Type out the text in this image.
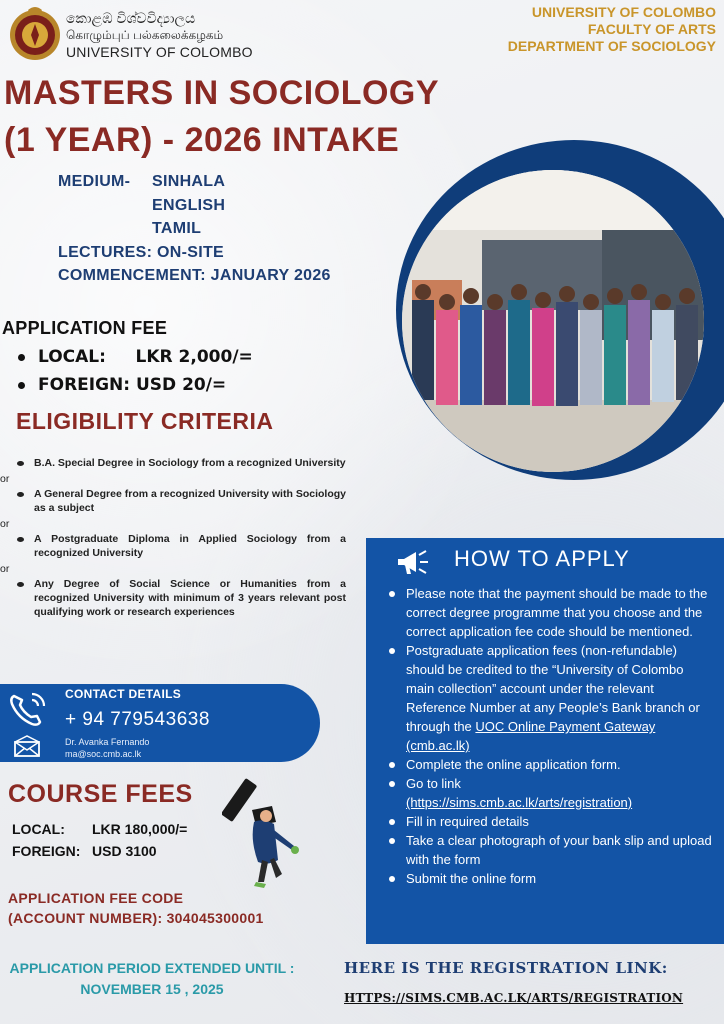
කොළඹ විශ්වවිද්‍යාලය
கொழும்புப் பல்கலைக்கழகம்
UNIVERSITY OF COLOMBO
UNIVERSITY OF COLOMBO
FACULTY OF ARTS
DEPARTMENT OF SOCIOLOGY
MASTERS IN SOCIOLOGY
(1 YEAR) - 2026 INTAKE
MEDIUM-	SINHALA
ENGLISH
TAMIL
LECTURES: ON-SITE
COMMENCEMENT: JANUARY 2026
APPLICATION FEE
LOCAL:     LKR 2,000/=
FOREIGN: USD 20/=
ELIGIBILITY CRITERIA
B.A. Special Degree in Sociology from a recognized University
or
A General Degree from a recognized University with Sociology as a subject
or
A Postgraduate Diploma in Applied Sociology from a recognized University
or
Any Degree of Social Science or Humanities from a recognized University with minimum of 3 years relevant post qualifying work or research experiences
CONTACT DETAILS
+ 94 779543638
Dr. Avanka Fernando
ma@soc.cmb.ac.lk
COURSE FEES
LOCAL: LKR 180,000/=
FOREIGN: USD 3100
APPLICATION FEE CODE
(ACCOUNT NUMBER): 304045300001
APPLICATION PERIOD EXTENDED UNTIL :
NOVEMBER 15 , 2025
HOW TO APPLY
Please note that the payment should be made to the correct degree programme that you choose and the correct application fee code should be mentioned.
Postgraduate application fees (non-refundable) should be credited to the “University of Colombo main collection” account under the relevant Reference Number at any People’s Bank branch or through the UOC Online Payment Gateway (cmb.ac.lk)
Complete the online application form.
Go to link
(https://sims.cmb.ac.lk/arts/registration)
Fill in required details
Take a clear photograph of your bank slip and upload with the form
Submit the online form
HERE IS THE REGISTRATION LINK:
HTTPS://SIMS.CMB.AC.LK/ARTS/REGISTRATION
